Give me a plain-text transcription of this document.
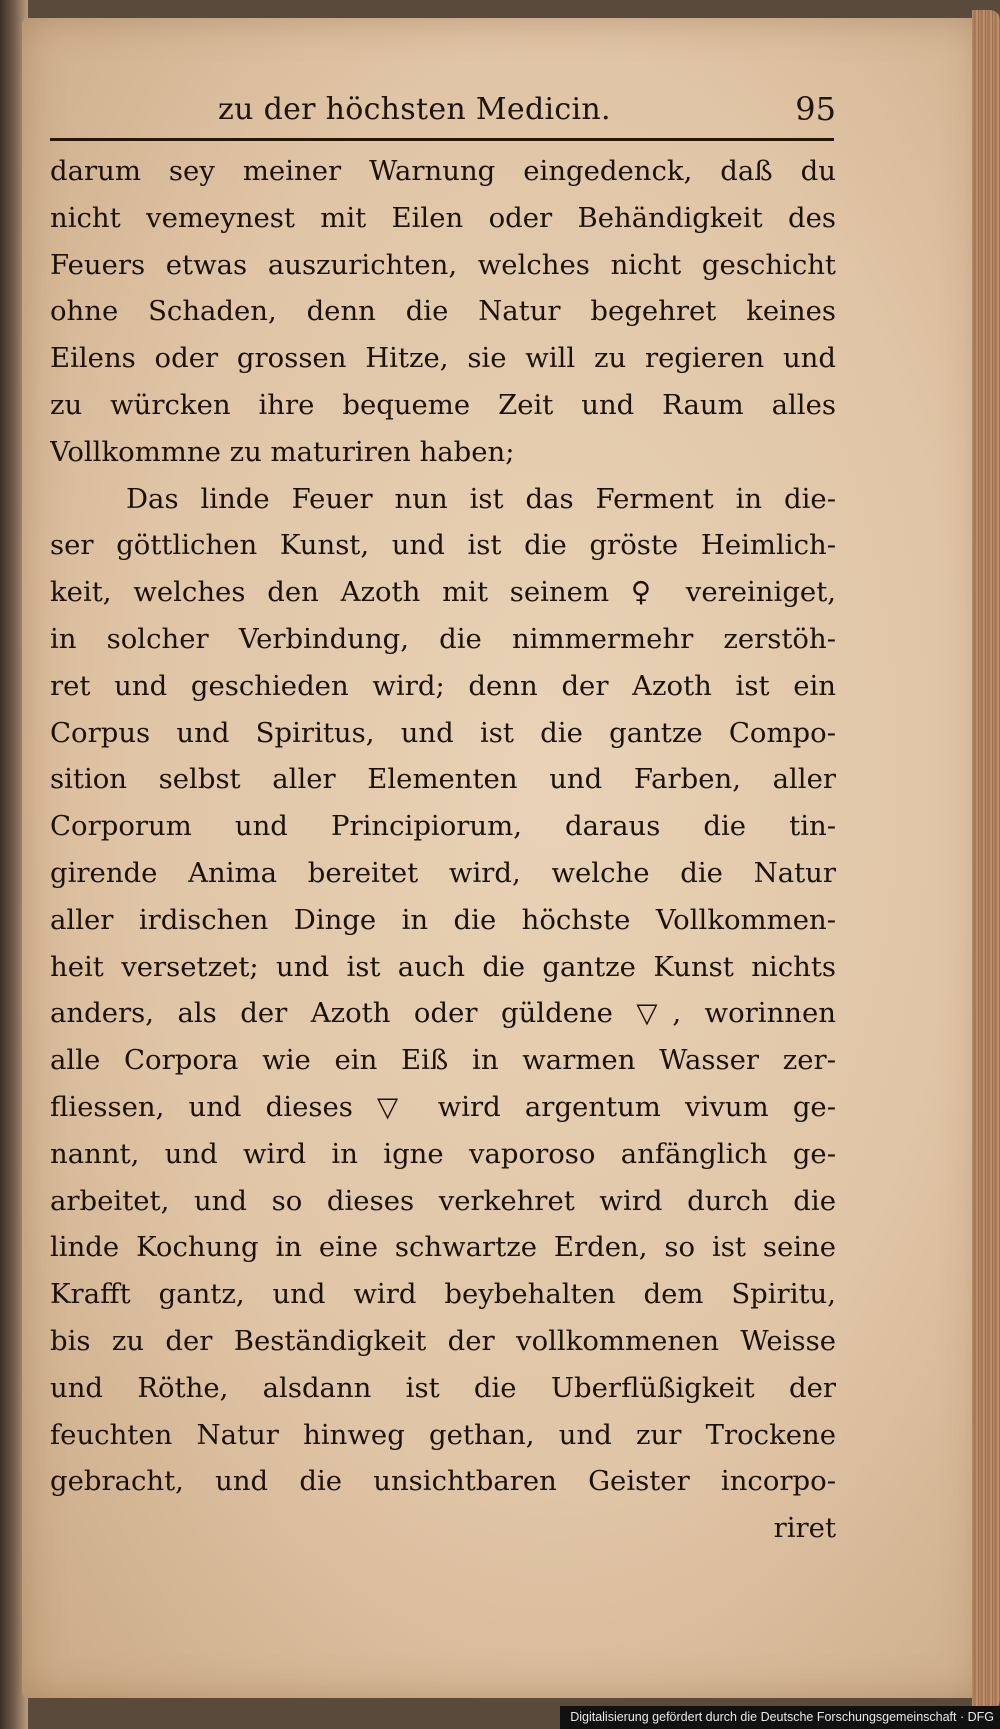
zu der höchsten Medicin.	95
darum sey meiner Warnung eingedenck, daß du
nicht vemeynest mit Eilen oder Behändigkeit des
Feuers etwas auszurichten, welches nicht geschicht
ohne Schaden, denn die Natur begehret keines
Eilens oder grossen Hitze, sie will zu regieren und
zu würcken ihre bequeme Zeit und Raum alles
Vollkommne zu maturiren haben;
Das linde Feuer nun ist das Ferment in die-
ser göttlichen Kunst, und ist die gröste Heimlich-
keit, welches den Azoth mit seinem ♀ vereiniget,
in solcher Verbindung, die nimmermehr zerstöh-
ret und geschieden wird; denn der Azoth ist ein
Corpus und Spiritus, und ist die gantze Compo-
sition selbst aller Elementen und Farben, aller
Corporum und Principiorum, daraus die tin-
girende Anima bereitet wird, welche die Natur
aller irdischen Dinge in die höchste Vollkommen-
heit versetzet; und ist auch die gantze Kunst nichts
anders, als der Azoth oder güldene ▽, worinnen
alle Corpora wie ein Eiß in warmen Wasser zer-
fliessen, und dieses ▽ wird argentum vivum ge-
nannt, und wird in igne vaporoso anfänglich ge-
arbeitet, und so dieses verkehret wird durch die
linde Kochung in eine schwartze Erden, so ist seine
Krafft gantz, und wird beybehalten dem Spiritu,
bis zu der Beständigkeit der vollkommenen Weisse
und Röthe, alsdann ist die Uberflüßigkeit der
feuchten Natur hinweg gethan, und zur Trockene
gebracht, und die unsichtbaren Geister incorpo-
riret
Digitalisierung gefördert durch die Deutsche Forschungsgemeinschaft · DFG
